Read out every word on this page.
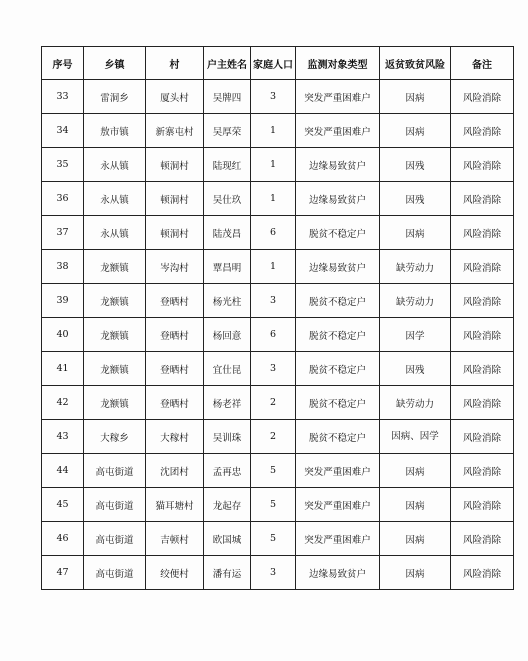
序号	乡镇	村	户主姓名	家庭人口	监测对象类型	返贫致贫风险	备注
33	雷洞乡	厦头村	吴牌四	3	突发严重困难户	因病	风险消除
34	敖市镇	新寨屯村	吴厚荣	1	突发严重困难户	因病	风险消除
35	永从镇	顿洞村	陆现红	1	边缘易致贫户	因残	风险消除
36	永从镇	顿洞村	吴仕玖	1	边缘易致贫户	因残	风险消除
37	永从镇	顿洞村	陆茂昌	6	脱贫不稳定户	因病	风险消除
38	龙额镇	岑沟村	覃昌明	1	边缘易致贫户	缺劳动力	风险消除
39	龙额镇	登晒村	杨光柱	3	脱贫不稳定户	缺劳动力	风险消除
40	龙额镇	登晒村	杨回意	6	脱贫不稳定户	因学	风险消除
41	龙额镇	登晒村	宜仕昆	3	脱贫不稳定户	因残	风险消除
42	龙额镇	登晒村	杨老祥	2	脱贫不稳定户	缺劳动力	风险消除
43	大稼乡	大稼村	吴训珠	2	脱贫不稳定户	因病、因学	风险消除
44	高屯街道	沈团村	孟再忠	5	突发严重困难户	因病	风险消除
45	高屯街道	猫耳塘村	龙起存	5	突发严重困难户	因病	风险消除
46	高屯街道	吉顿村	欧国城	5	突发严重困难户	因病	风险消除
47	高屯街道	绞便村	潘有运	3	边缘易致贫户	因病	风险消除
